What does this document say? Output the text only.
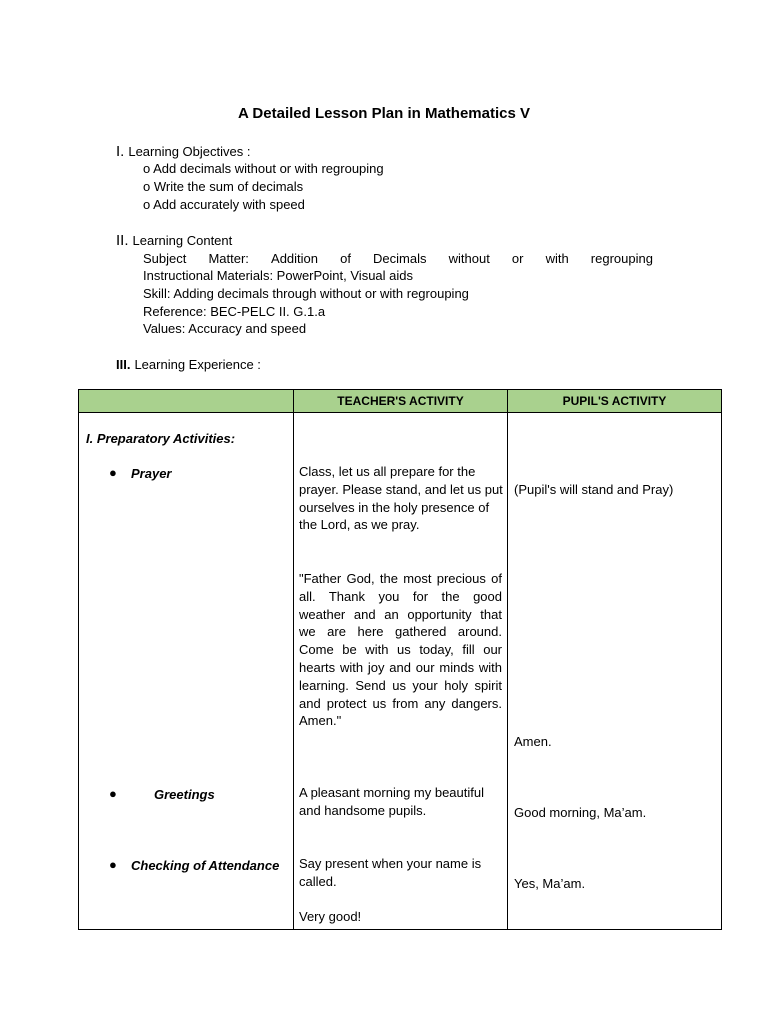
A Detailed Lesson Plan in Mathematics V
I. Learning Objectives :
o Add decimals without or with regrouping
o Write the sum of decimals
o Add accurately with speed
II. Learning Content
Subject Matter: Addition of Decimals without or with regrouping
Instructional Materials: PowerPoint, Visual aids
Skill: Adding decimals through without or with regrouping
Reference: BEC-PELC II. G.1.a
Values: Accuracy and speed
III. Learning Experience :
TEACHER'S ACTIVITY	PUPIL'S ACTIVITY
I. Preparatory Activities:
● Prayer
●	Greetings
● Checking of Attendance
Class, let us all prepare for the prayer. Please stand, and let us put ourselves in the holy presence of the Lord, as we pray.
"Father God, the most precious of all. Thank you for the good weather and an opportunity that we are here gathered around. Come be with us today, fill our hearts with joy and our minds with learning. Send us your holy spirit and protect us from any dangers. Amen."
A pleasant morning my beautiful and handsome pupils.
Say present when your name is called.
Very good!
(Pupil's will stand and Pray)
Amen.
Good morning, Ma’am.
Yes, Ma’am.
